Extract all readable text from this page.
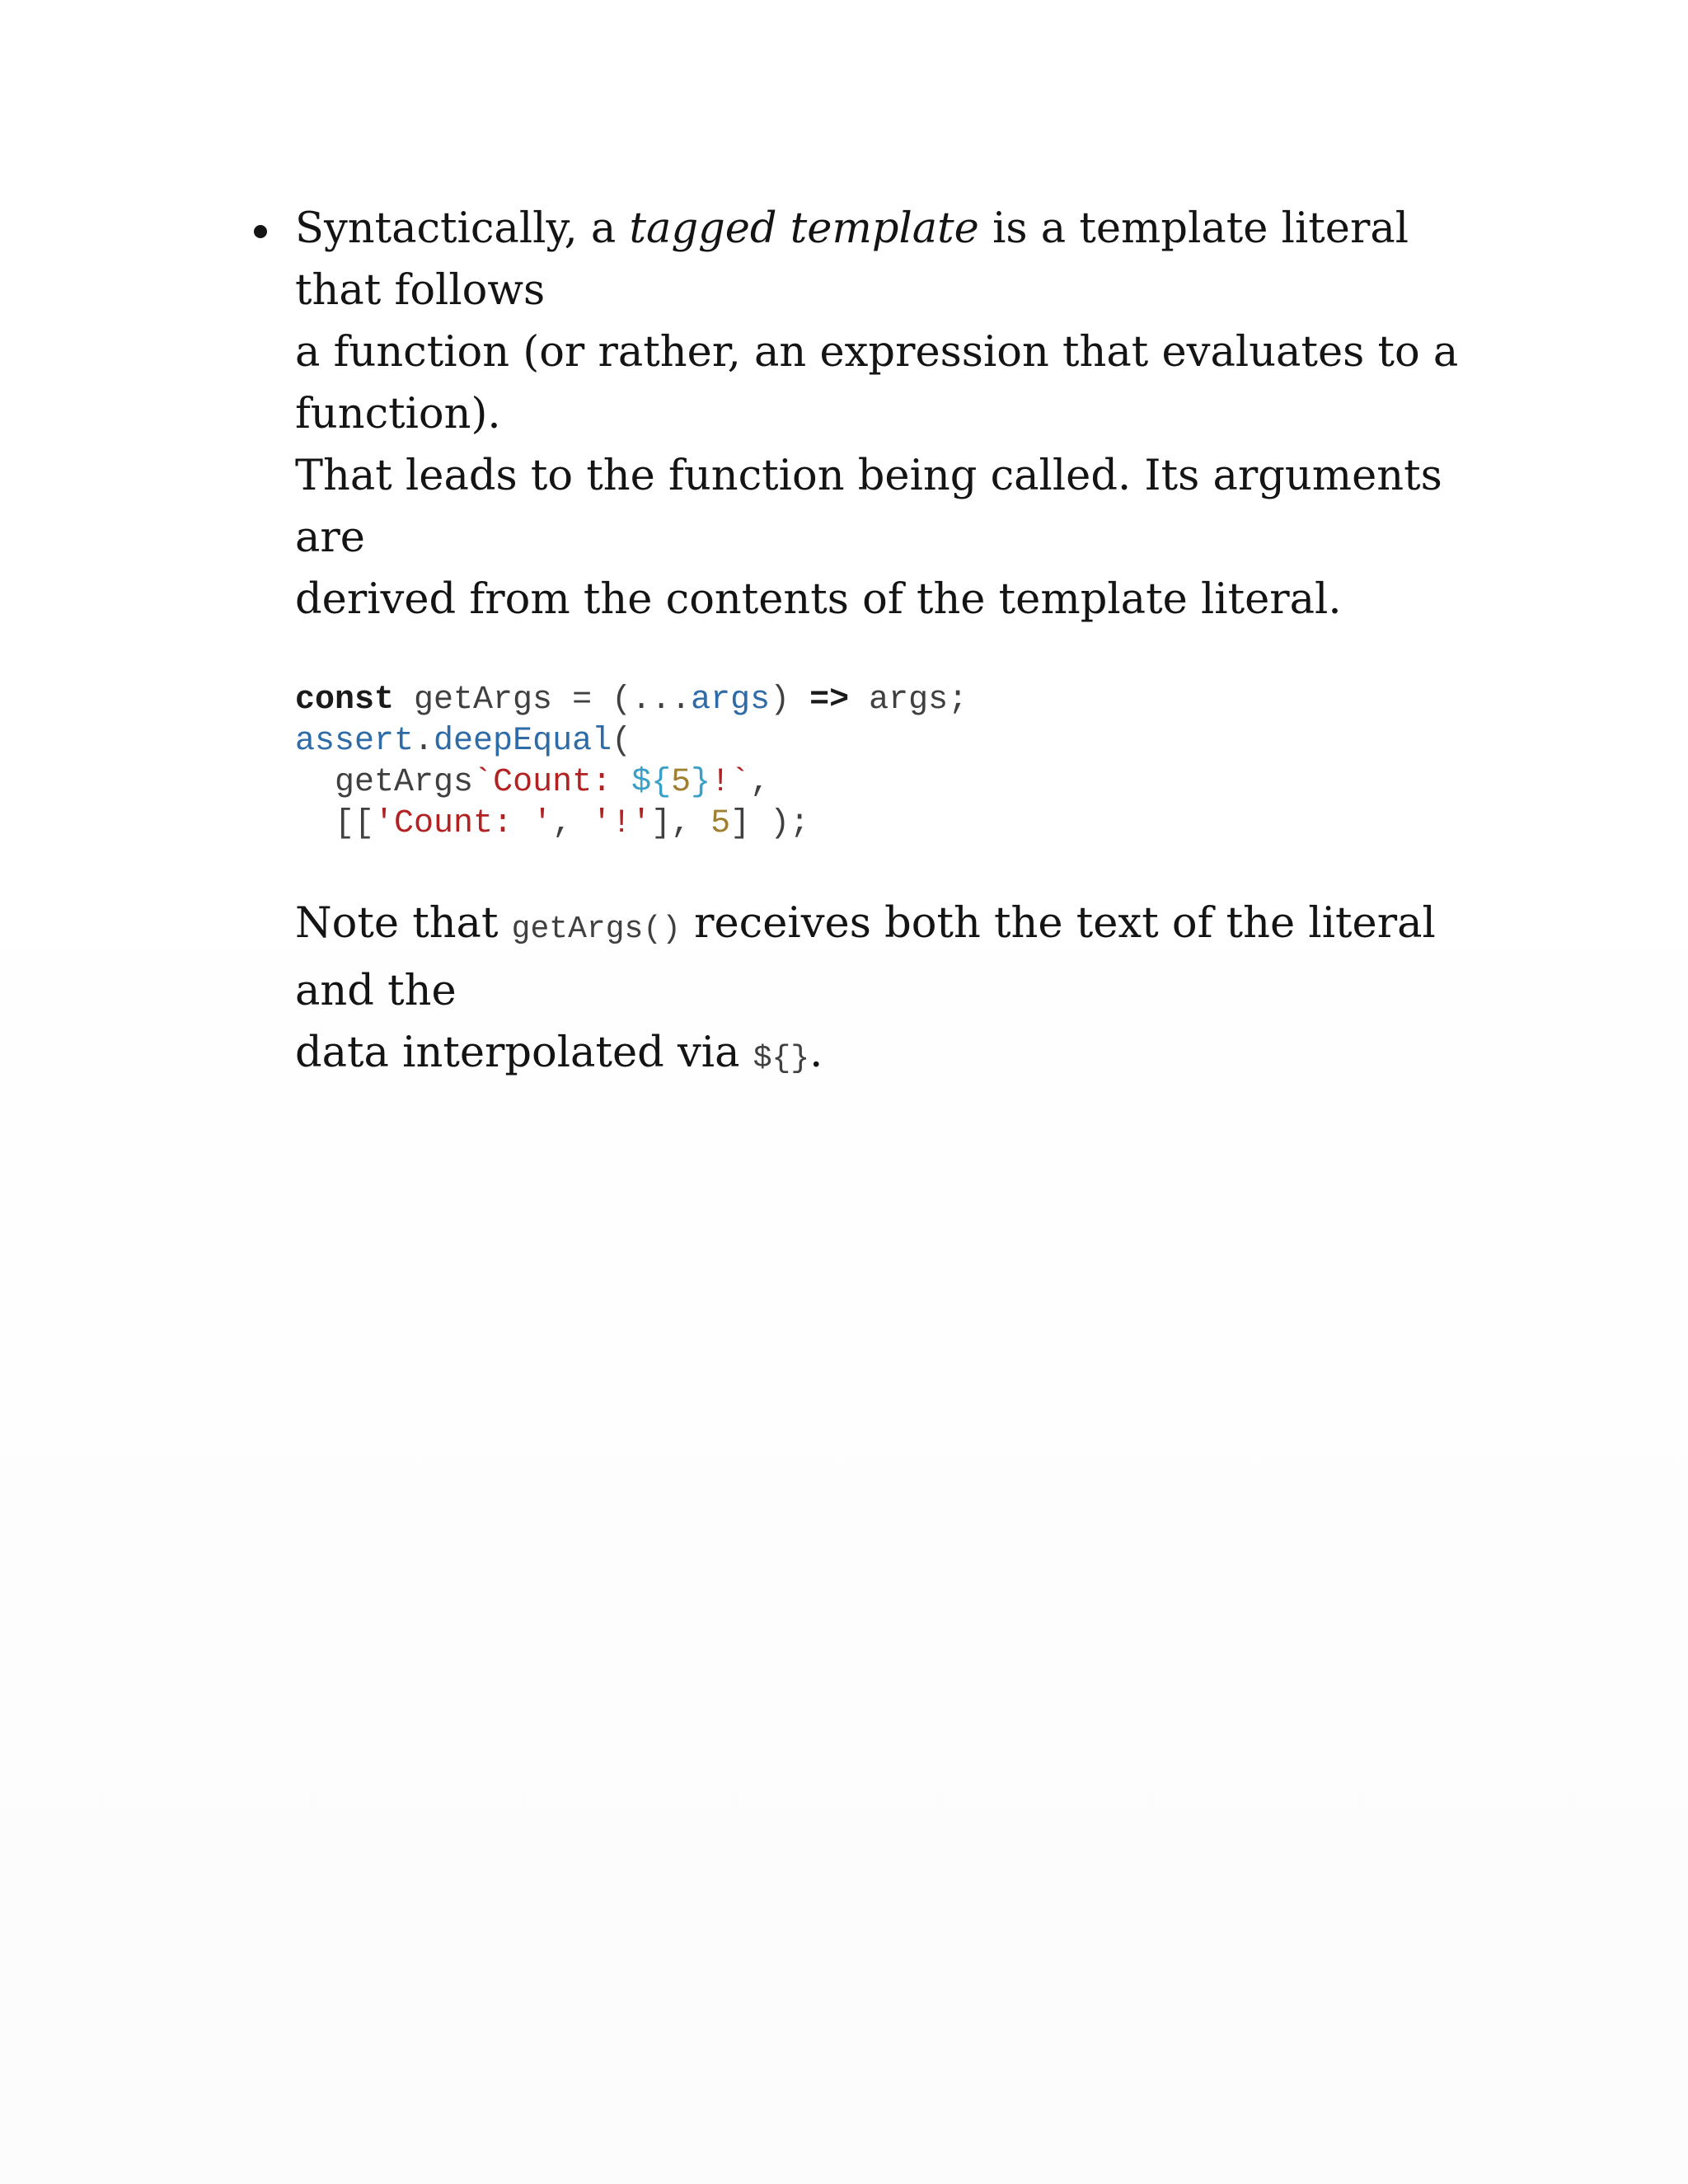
Syntactically, a tagged template is a template literal that follows
a function (or rather, an expression that evaluates to a function).
That leads to the function being called. Its arguments are
derived from the contents of the template literal.

const getArgs = (...args) => args;
assert.deepEqual(
getArgs`Count: ${5}!`,
[['Count: ', '!'], 5] );

Note that getArgs() receives both the text of the literal and the
data interpolated via ${}.
